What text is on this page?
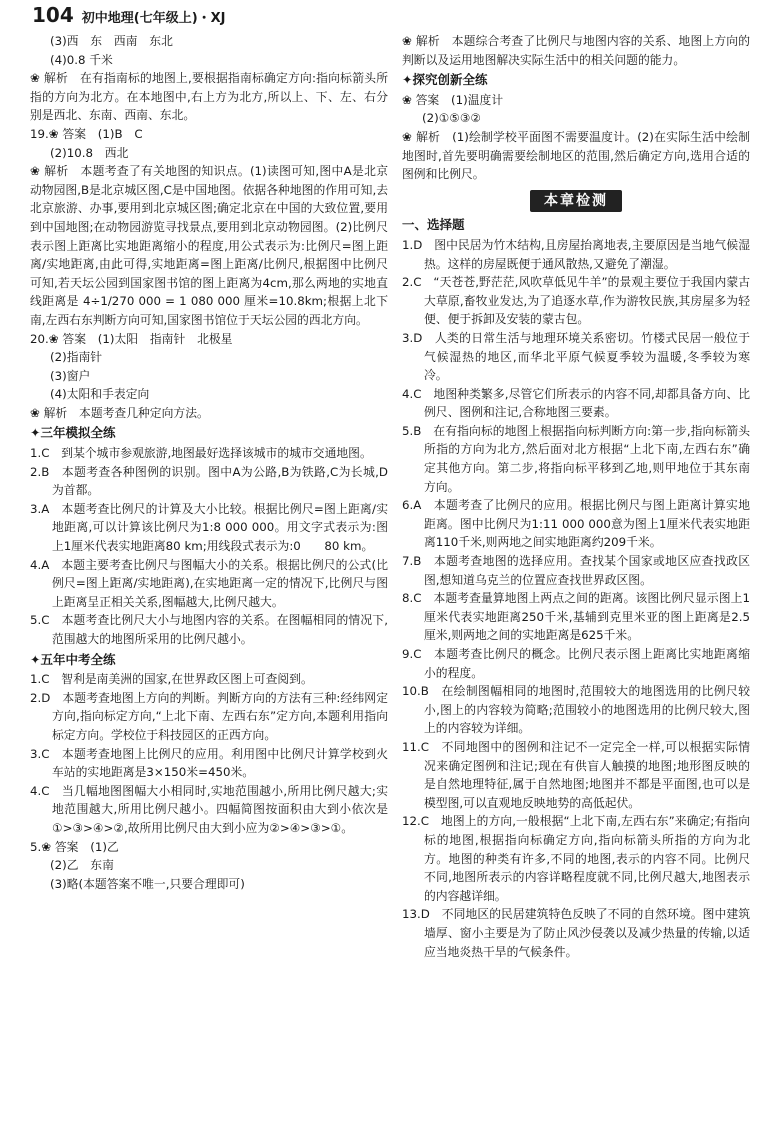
104 初中地理(七年级上)・XJ

(3)西　东　西南　东北

(4)0.8 千米

❀ 解析　在有指南标的地图上,要根据指南标确定方向:指向标箭头所指的方向为北方。在本地图中,右上方为北方,所以上、下、左、右分别是西北、东南、西南、东北。

19.❀ 答案　(1)B　C

(2)10.8　西北

❀ 解析　本题考查了有关地图的知识点。(1)读图可知,图中A是北京动物园图,B是北京城区图,C是中国地图。依据各种地图的作用可知,去北京旅游、办事,要用到北京城区图;确定北京在中国的大致位置,要用到中国地图;在动物园游览寻找景点,要用到北京动物园图。(2)比例尺表示图上距离比实地距离缩小的程度,用公式表示为:比例尺=图上距离/实地距离,由此可得,实地距离=图上距离/比例尺,根据图中比例尺可知,若天坛公园到国家图书馆的图上距离为4cm,那么两地的实地直线距离是 4÷1/270 000 = 1 080 000 厘米=10.8km;根据上北下南,左西右东判断方向可知,国家图书馆位于天坛公园的西北方向。

20.❀ 答案　(1)太阳　指南针　北极星

(2)指南针

(3)窗户

(4)太阳和手表定向

❀ 解析　本题考查几种定向方法。

✦三年模拟全练

1.C　到某个城市参观旅游,地图最好选择该城市的城市交通地图。

2.B　本题考查各种图例的识别。图中A为公路,B为铁路,C为长城,D为首都。

3.A　本题考查比例尺的计算及大小比较。根据比例尺=图上距离/实地距离,可以计算该比例尺为1:8 000 000。用文字式表示为:图上1厘米代表实地距离80 km;用线段式表示为:0　　80 km。

4.A　本题主要考查比例尺与图幅大小的关系。根据比例尺的公式(比例尺=图上距离/实地距离),在实地距离一定的情况下,比例尺与图上距离呈正相关关系,图幅越大,比例尺越大。

5.C　本题考查比例尺大小与地图内容的关系。在图幅相同的情况下,范围越大的地图所采用的比例尺越小。

✦五年中考全练

1.C　智利是南美洲的国家,在世界政区图上可查阅到。

2.D　本题考查地图上方向的判断。判断方向的方法有三种:经纬网定方向,指向标定方向,“上北下南、左西右东”定方向,本题利用指向标定方向。学校位于科技园区的正西方向。

3.C　本题考查地图上比例尺的应用。利用图中比例尺计算学校到火车站的实地距离是3×150米=450米。

4.C　当几幅地图图幅大小相同时,实地范围越小,所用比例尺越大;实地范围越大,所用比例尺越小。四幅简图按面积由大到小依次是①>③>④>②,故所用比例尺由大到小应为②>④>③>①。

5.❀ 答案　(1)乙

(2)乙　东南

(3)略(本题答案不唯一,只要合理即可)

❀ 解析　本题综合考查了比例尺与地图内容的关系、地图上方向的判断以及运用地图解决实际生活中的相关问题的能力。

✦探究创新全练

❀ 答案　(1)温度计

(2)①⑤③②

❀ 解析　(1)绘制学校平面图不需要温度计。(2)在实际生活中绘制地图时,首先要明确需要绘制地区的范围,然后确定方向,选用合适的图例和比例尺。

本章检测

一、选择题

1.D　图中民居为竹木结构,且房屋抬离地表,主要原因是当地气候湿热。这样的房屋既便于通风散热,又避免了潮湿。

2.C　“天苍苍,野茫茫,风吹草低见牛羊”的景观主要位于我国内蒙古大草原,畜牧业发达,为了追逐水草,作为游牧民族,其房屋多为轻便、便于拆卸及安装的蒙古包。

3.D　人类的日常生活与地理环境关系密切。竹楼式民居一般位于气候湿热的地区,而华北平原气候夏季较为温暖,冬季较为寒冷。

4.C　地图种类繁多,尽管它们所表示的内容不同,却都具备方向、比例尺、图例和注记,合称地图三要素。

5.B　在有指向标的地图上根据指向标判断方向:第一步,指向标箭头所指的方向为北方,然后面对北方根据“上北下南,左西右东”确定其他方向。第二步,将指向标平移到乙地,则甲地位于其东南方向。

6.A　本题考查了比例尺的应用。根据比例尺与图上距离计算实地距离。图中比例尺为1:11 000 000意为图上1厘米代表实地距离110千米,则两地之间实地距离约209千米。

7.B　本题考查地图的选择应用。查找某个国家或地区应查找政区图,想知道乌克兰的位置应查找世界政区图。

8.C　本题考查量算地图上两点之间的距离。该图比例尺显示图上1厘米代表实地距离250千米,基辅到克里米亚的图上距离是2.5厘米,则两地之间的实地距离是625千米。

9.C　本题考查比例尺的概念。比例尺表示图上距离比实地距离缩小的程度。

10.B　在绘制图幅相同的地图时,范围较大的地图选用的比例尺较小,图上的内容较为简略;范围较小的地图选用的比例尺较大,图上的内容较为详细。

11.C　不同地图中的图例和注记不一定完全一样,可以根据实际情况来确定图例和注记;现在有供盲人触摸的地图;地形图反映的是自然地理特征,属于自然地图;地图并不都是平面图,也可以是模型图,可以直观地反映地势的高低起伏。

12.C　地图上的方向,一般根据“上北下南,左西右东”来确定;有指向标的地图,根据指向标确定方向,指向标箭头所指的方向为北方。地图的种类有许多,不同的地图,表示的内容不同。比例尺不同,地图所表示的内容详略程度就不同,比例尺越大,地图表示的内容越详细。

13.D　不同地区的民居建筑特色反映了不同的自然环境。图中建筑墙厚、窗小主要是为了防止风沙侵袭以及减少热量的传输,以适应当地炎热干旱的气候条件。
